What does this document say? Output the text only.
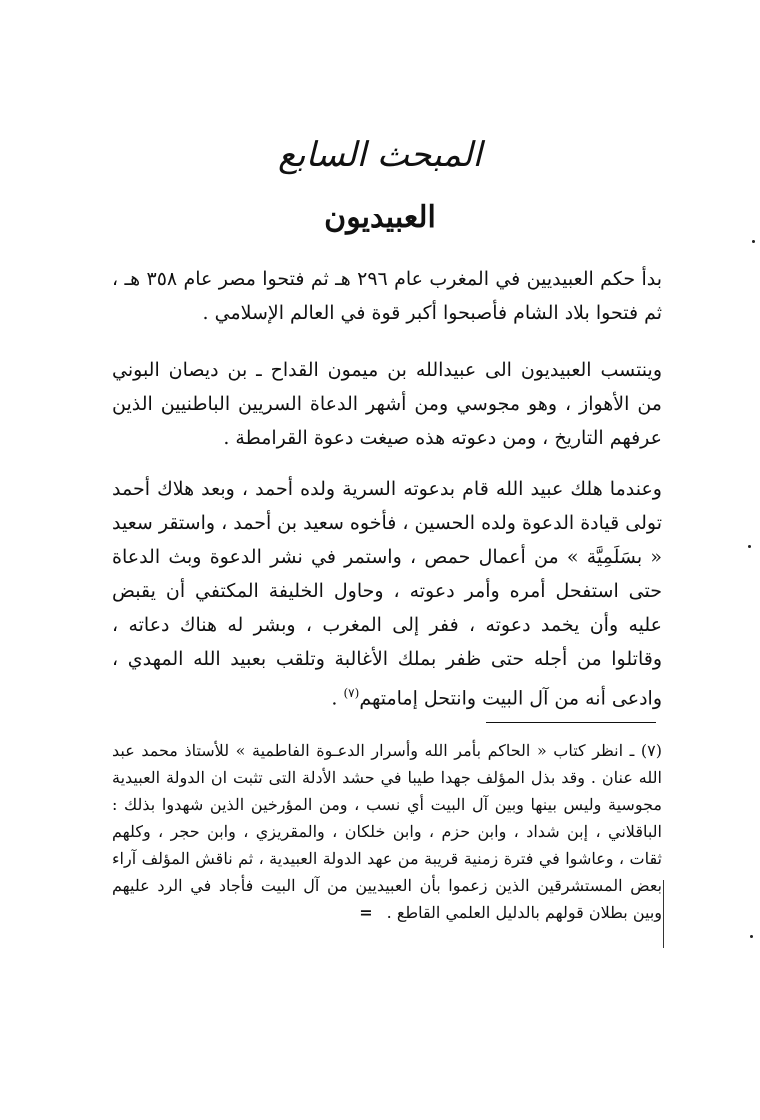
المبحث السابع
العبيديون

بدأ حكم العبيديين في المغرب عام ٢٩٦ هـ ثم فتحوا مصر عام ٣٥٨ هـ ، ثم فتحوا بلاد الشام فأصبحوا أكبر قوة في العالم الإسلامي .

وينتسب العبيديون الى عبيدالله بن ميمون القداح ـ بن ديصان البوني من الأهواز ، وهو مجوسي ومن أشهر الدعاة السريين الباطنيين الذين عرفهم التاريخ ، ومن دعوته هذه صيغت دعوة القرامطة .

وعندما هلك عبيد الله قام بدعوته السرية ولده أحمد ، وبعد هلاك أحمد تولى قيادة الدعوة ولده الحسين ، فأخوه سعيد بن أحمد ، واستقر سعيد « بسَلَمِيَّة » من أعمال حمص ، واستمر في نشر الدعوة وبث الدعاة حتى استفحل أمره وأمر دعوته ، وحاول الخليفة المكتفي أن يقبض عليه وأن يخمد دعوته ، ففر إلى المغرب ، وبشر له هناك دعاته ، وقاتلوا من أجله حتى ظفر بملك الأغالبة وتلقب بعبيد الله المهدي ، وادعى أنه من آل البيت وانتحل إمامتهم$^{(٧)}$ .

(٧) ـ انظر كتاب « الحاكم بأمر الله وأسرار الدعـوة الفاطمية » للأستاذ محمد عبد الله عنان . وقد بذل المؤلف جهدا طيبا في حشد الأدلة التى تثبت ان الدولة العبيدية مجوسية وليس بينها وبين آل البيت أي نسب ، ومن المؤرخين الذين شهدوا بذلك : الباقلاني ، إبن شداد ، وابن حزم ، وابن خلكان ، والمقريزي ، وابن حجر ، وكلهم ثقات ، وعاشوا في فترة زمنية قريبة من عهد الدولة العبيدية ، ثم ناقش المؤلف آراء بعض المستشرقين الذين زعموا بأن العبيديين من آل البيت فأجاد في الرد عليهم وبين بطلان قولهم بالدليل العلمي القاطع .=
